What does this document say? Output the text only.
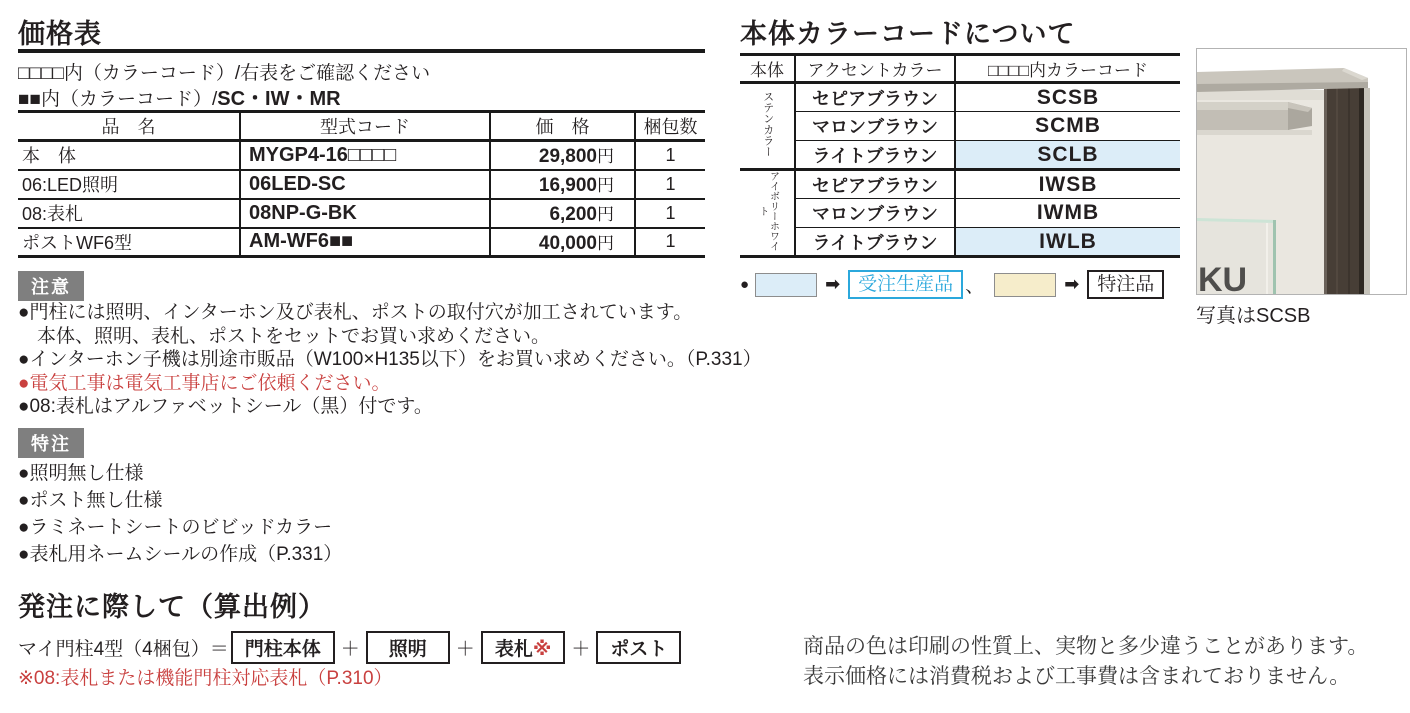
価格表
□□□□内（カラーコード）/右表をご確認ください
■■内（カラーコード）/SC・IW・MR
品　名	型式コード	価　格	梱包数
本　体	MYGP4-16□□□□	29,800円	1
06:LED照明	06LED-SC	16,900円	1
08:表札	08NP-G-BK	6,200円	1
ポストWF6型	AM-WF6■■	40,000円	1
注意
●門柱には照明、インターホン及び表札、ポストの取付穴が加工されています。
　本体、照明、表札、ポストをセットでお買い求めください。
●インターホン子機は別途市販品（W100×H135以下）をお買い求めください。（P.331）
●電気工事は電気工事店にご依頼ください。
●08:表札はアルファベットシール（黒）付です。
特注
●照明無し仕様
●ポスト無し仕様
●ラミネートシートのビビッドカラー
●表札用ネームシールの作成（P.331）
発注に際して（算出例）
マイ門柱4型（4梱包）＝ 門柱本体	＋	照明	＋	表札※	＋	ポスト
※08:表札または機能門柱対応表札（P.310）
本体カラーコードについて
本体	アクセントカラー	□□□□内カラーコード
ステンカラー	セピアブラウン	SCSB
	マロンブラウン	SCMB
	ライトブラウン	SCLB
アイボリーホワイト	セピアブラウン	IWSB
	マロンブラウン	IWMB
	ライトブラウン	IWLB
●	➡ 受注生産品 、	➡ 特注品 KU
写真はSCSB
商品の色は印刷の性質上、実物と多少違うことがあります。
表示価格には消費税および工事費は含まれておりません。
